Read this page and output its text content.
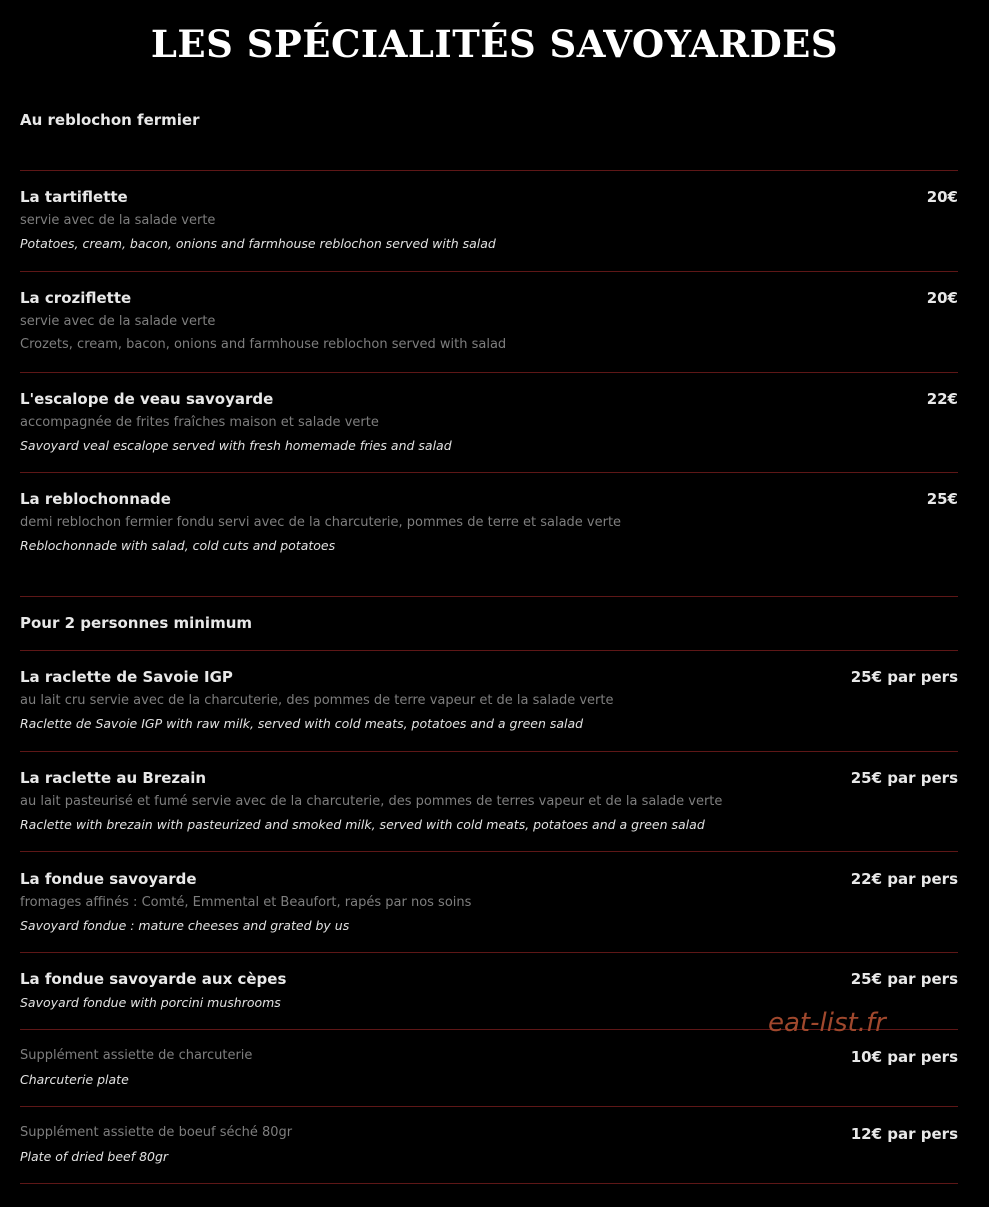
LES SPÉCIALITÉS SAVOYARDES
Au reblochon fermier
La tartiflette	20€
servie avec de la salade verte
Potatoes, cream, bacon, onions and farmhouse reblochon served with salad
La croziflette	20€
servie avec de la salade verte
Crozets, cream, bacon, onions and farmhouse reblochon served with salad
L'escalope de veau savoyarde	22€
accompagnée de frites fraîches maison et salade verte
Savoyard veal escalope served with fresh homemade fries and salad
La reblochonnade	25€
demi reblochon fermier fondu servi avec de la charcuterie, pommes de terre et salade verte
Reblochonnade with salad, cold cuts and potatoes
Pour 2 personnes minimum
La raclette de Savoie IGP	25€ par pers
au lait cru servie avec de la charcuterie, des pommes de terre vapeur et de la salade verte
Raclette de Savoie IGP with raw milk, served with cold meats, potatoes and a green salad
La raclette au Brezain	25€ par pers
au lait pasteurisé et fumé servie avec de la charcuterie, des pommes de terres vapeur et de la salade verte
Raclette with brezain with pasteurized and smoked milk, served with cold meats, potatoes and a green salad
La fondue savoyarde	22€ par pers
fromages affinés : Comté, Emmental et Beaufort, rapés par nos soins
Savoyard fondue : mature cheeses and grated by us
La fondue savoyarde aux cèpes	25€ par pers
Savoyard fondue with porcini mushrooms
Supplément assiette de charcuterie	10€ par pers
Charcuterie plate
Supplément assiette de boeuf séché 80gr	12€ par pers
Plate of dried beef 80gr
eat-list.fr
